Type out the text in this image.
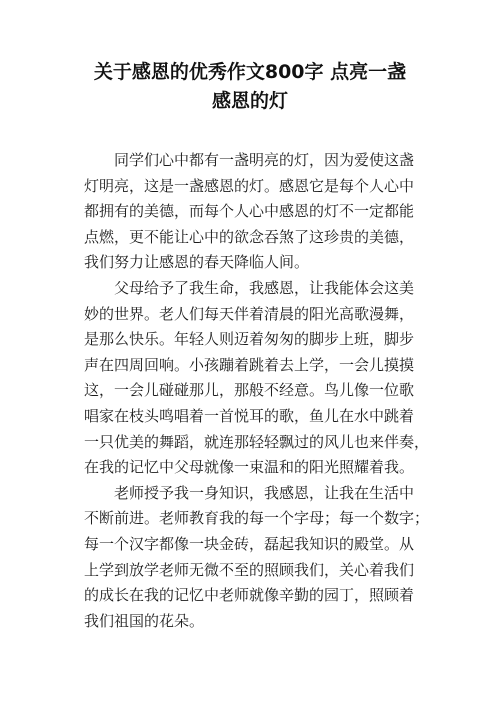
关于感恩的优秀作文800字 点亮一盏
感恩的灯
同学们心中都有一盏明亮的灯，因为爱使这盏
灯明亮，这是一盏感恩的灯。感恩它是每个人心中
都拥有的美德，而每个人心中感恩的灯不一定都能
点燃，更不能让心中的欲念吞煞了这珍贵的美德，
我们努力让感恩的春天降临人间。
父母给予了我生命，我感恩，让我能体会这美
妙的世界。老人们每天伴着清晨的阳光高歌漫舞，
是那么快乐。年轻人则迈着匆匆的脚步上班，脚步
声在四周回响。小孩蹦着跳着去上学，一会儿摸摸
这，一会儿碰碰那儿，那般不经意。鸟儿像一位歌
唱家在枝头鸣唱着一首悦耳的歌，鱼儿在水中跳着
一只优美的舞蹈，就连那轻轻飘过的风儿也来伴奏，
在我的记忆中父母就像一束温和的阳光照耀着我。
老师授予我一身知识，我感恩，让我在生活中
不断前进。老师教育我的每一个字母；每一个数字；
每一个汉字都像一块金砖，磊起我知识的殿堂。从
上学到放学老师无微不至的照顾我们，关心着我们
的成长在我的记忆中老师就像辛勤的园丁，照顾着
我们祖国的花朵。
